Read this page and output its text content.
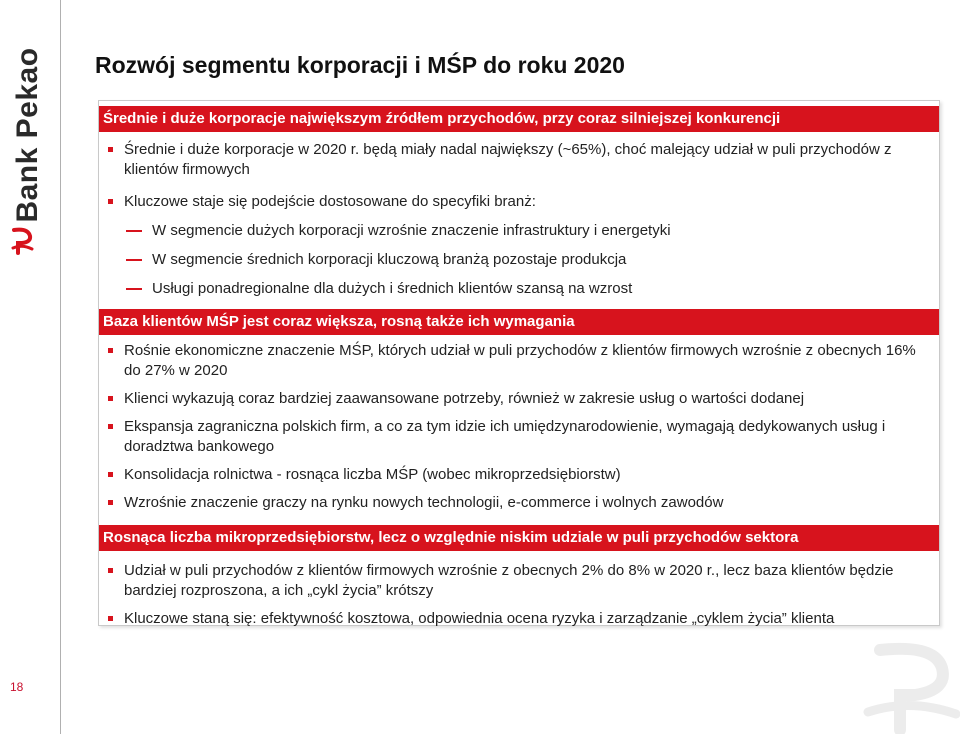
Bank Pekao
18
Rozwój segmentu korporacji i MŚP do roku 2020
Średnie i duże korporacje największym źródłem przychodów, przy coraz silniejszej konkurencji
Średnie i duże korporacje w 2020 r. będą miały nadal największy (~65%), choć malejący udział w puli przychodów z klientów firmowych
Kluczowe staje się podejście dostosowane do specyfiki branż:
W segmencie dużych korporacji wzrośnie znaczenie infrastruktury i energetyki
W segmencie średnich korporacji kluczową branżą pozostaje produkcja
Usługi ponadregionalne dla dużych i średnich klientów szansą na wzrost
Baza klientów MŚP jest coraz większa, rosną także ich wymagania
Rośnie ekonomiczne znaczenie MŚP, których udział w puli przychodów z klientów firmowych wzrośnie z obecnych 16% do 27% w 2020
Klienci wykazują coraz bardziej zaawansowane potrzeby, również w zakresie usług o wartości dodanej
Ekspansja zagraniczna polskich firm, a co za tym idzie ich umiędzynarodowienie, wymagają dedykowanych usług i doradztwa bankowego
Konsolidacja rolnictwa - rosnąca liczba MŚP (wobec mikroprzedsiębiorstw)
Wzrośnie znaczenie graczy na rynku nowych technologii, e-commerce i wolnych zawodów
Rosnąca liczba mikroprzedsiębiorstw, lecz o względnie niskim udziale w puli przychodów sektora
Udział w puli przychodów z klientów firmowych wzrośnie z obecnych 2% do 8% w 2020 r., lecz baza klientów będzie bardziej rozproszona, a ich „cykl życia” krótszy
Kluczowe staną się: efektywność kosztowa, odpowiednia ocena ryzyka i zarządzanie „cyklem życia” klienta
